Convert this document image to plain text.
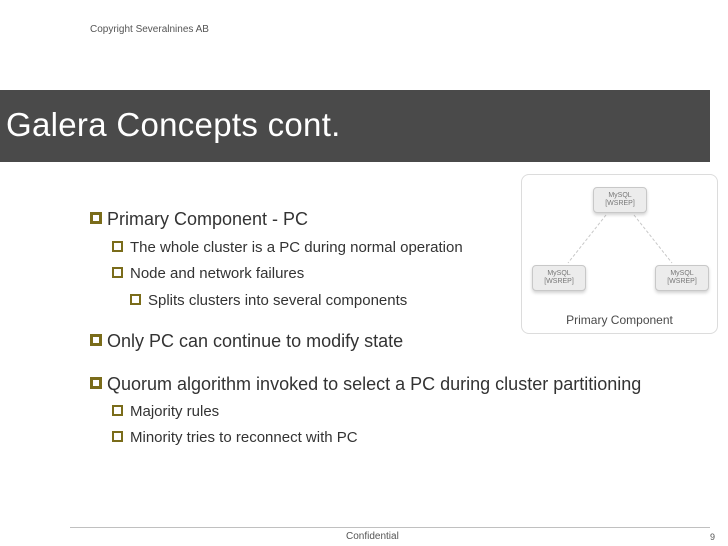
Copyright Severalnines AB
Galera Concepts cont.
MySQL
[WSREP]
MySQL
[WSREP]
MySQL
[WSREP]
Primary Component
Primary Component - PC
The whole cluster is a PC during normal operation
Node and network failures
Splits clusters into several components
Only PC can continue to modify state
Quorum algorithm invoked to select a PC during cluster partitioning
Majority rules
Minority tries to reconnect with PC
Confidential	9
